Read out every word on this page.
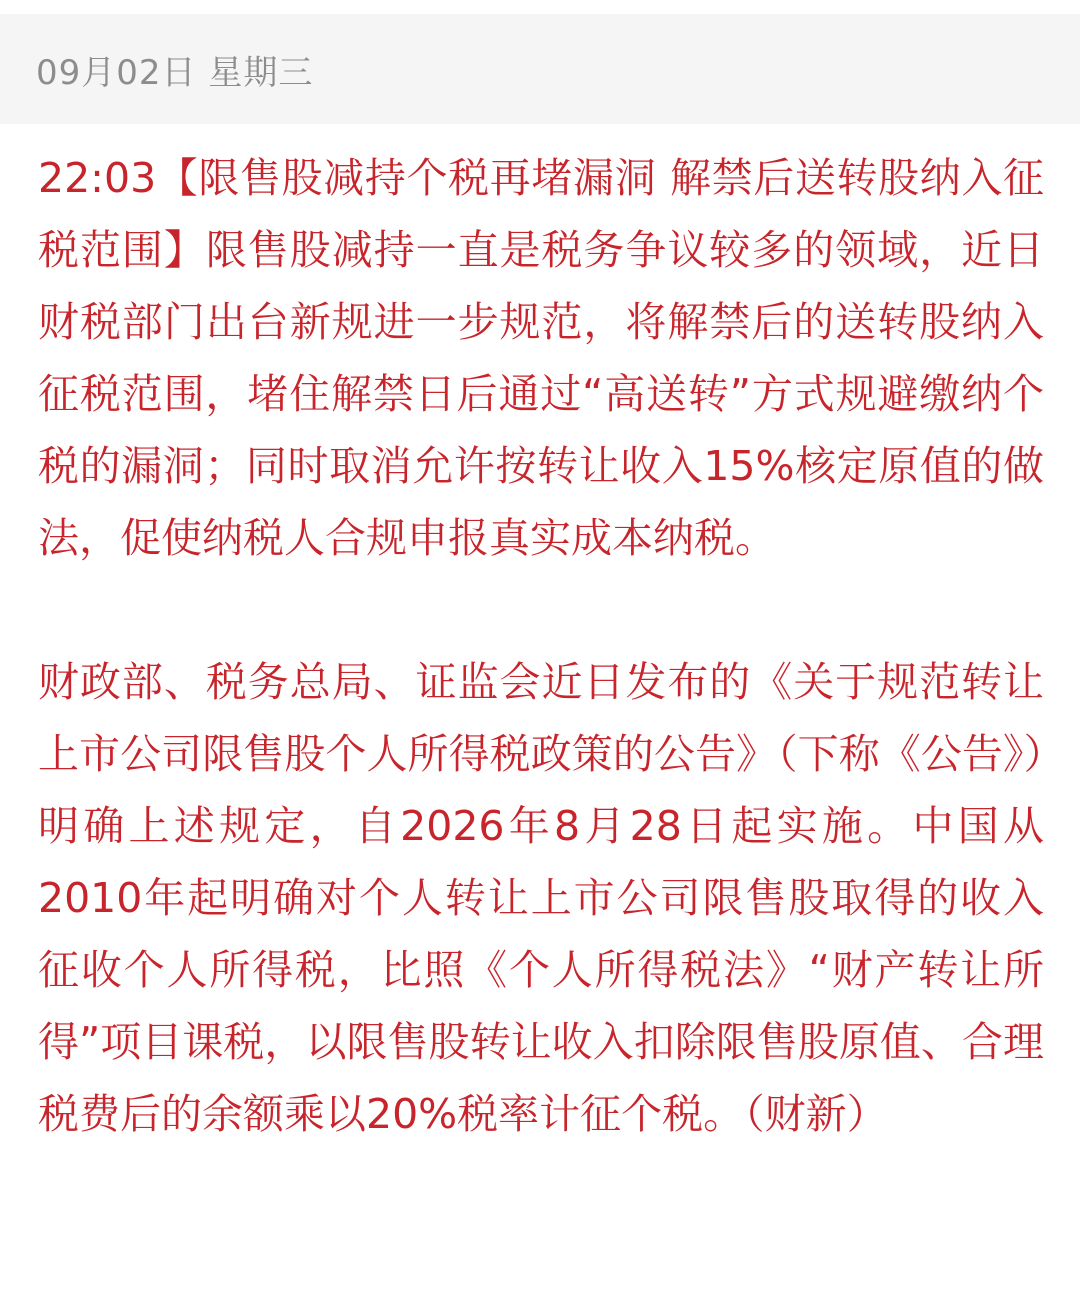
09月02日 星期三

22:03【限售股减持个税再堵漏洞 解禁后送转股纳入征税范围】限售股减持一直是税务争议较多的领域，近日财税部门出台新规进一步规范，将解禁后的送转股纳入征税范围，堵住解禁日后通过“高送转”方式规避缴纳个税的漏洞；同时取消允许按转让收入15%核定原值的做法，促使纳税人合规申报真实成本纳税。

财政部、税务总局、证监会近日发布的《关于规范转让上市公司限售股个人所得税政策的公告》（下称《公告》）明确上述规定，自2026年8月28日起实施。中国从2010年起明确对个人转让上市公司限售股取得的收入征收个人所得税，比照《个人所得税法》“财产转让所得”项目课税，以限售股转让收入扣除限售股原值、合理税费后的余额乘以20%税率计征个税。（财新）
